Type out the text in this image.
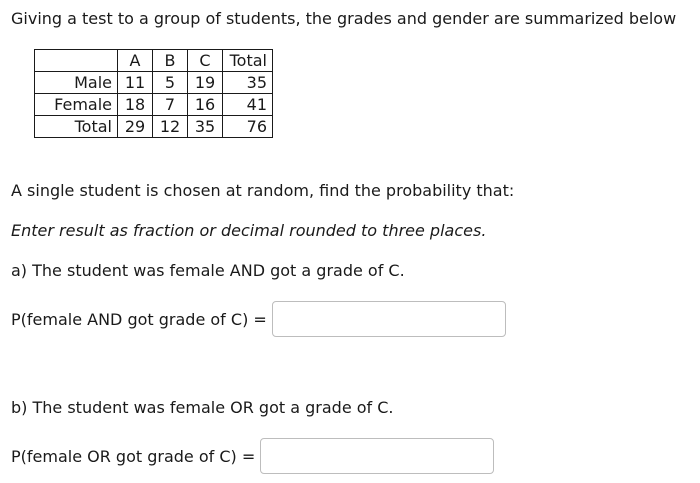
Giving a test to a group of students, the grades and gender are summarized below
	A	B	C	Total
Male	11	5	19	35
Female	18	7	16	41
Total	29	12	35	76
A single student is chosen at random, find the probability that:
Enter result as fraction or decimal rounded to three places.
a) The student was female AND got a grade of C.
P(female AND got grade of C) =
b) The student was female OR got a grade of C.
P(female OR got grade of C) =
